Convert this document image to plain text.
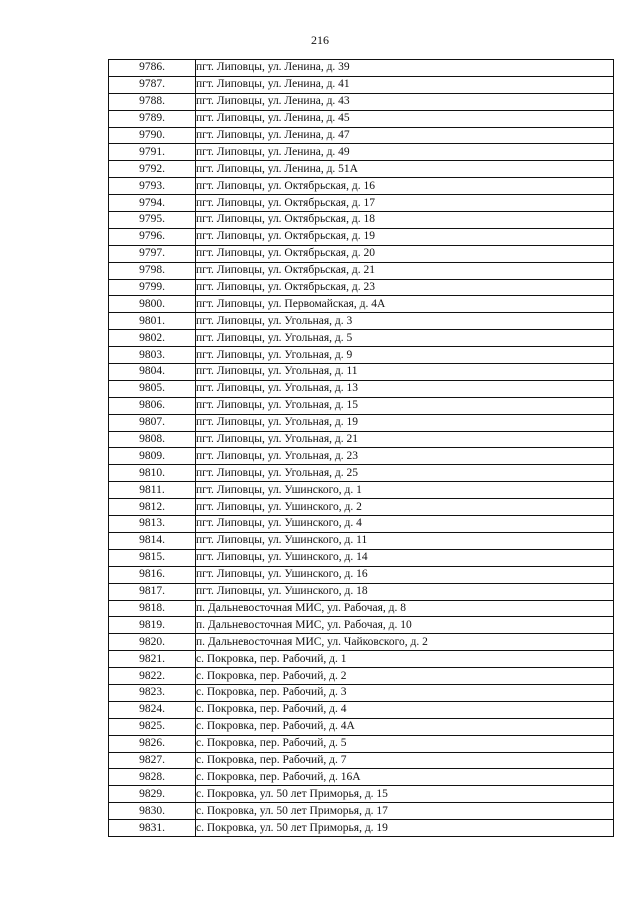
216
9786.	пгт. Липовцы, ул. Ленина, д. 39
9787.	пгт. Липовцы, ул. Ленина, д. 41
9788.	пгт. Липовцы, ул. Ленина, д. 43
9789.	пгт. Липовцы, ул. Ленина, д. 45
9790.	пгт. Липовцы, ул. Ленина, д. 47
9791.	пгт. Липовцы, ул. Ленина, д. 49
9792.	пгт. Липовцы, ул. Ленина, д. 51А
9793.	пгт. Липовцы, ул. Октябрьская, д. 16
9794.	пгт. Липовцы, ул. Октябрьская, д. 17
9795.	пгт. Липовцы, ул. Октябрьская, д. 18
9796.	пгт. Липовцы, ул. Октябрьская, д. 19
9797.	пгт. Липовцы, ул. Октябрьская, д. 20
9798.	пгт. Липовцы, ул. Октябрьская, д. 21
9799.	пгт. Липовцы, ул. Октябрьская, д. 23
9800.	пгт. Липовцы, ул. Первомайская, д. 4А
9801.	пгт. Липовцы, ул. Угольная, д. 3
9802.	пгт. Липовцы, ул. Угольная, д. 5
9803.	пгт. Липовцы, ул. Угольная, д. 9
9804.	пгт. Липовцы, ул. Угольная, д. 11
9805.	пгт. Липовцы, ул. Угольная, д. 13
9806.	пгт. Липовцы, ул. Угольная, д. 15
9807.	пгт. Липовцы, ул. Угольная, д. 19
9808.	пгт. Липовцы, ул. Угольная, д. 21
9809.	пгт. Липовцы, ул. Угольная, д. 23
9810.	пгт. Липовцы, ул. Угольная, д. 25
9811.	пгт. Липовцы, ул. Ушинского, д. 1
9812.	пгт. Липовцы, ул. Ушинского, д. 2
9813.	пгт. Липовцы, ул. Ушинского, д. 4
9814.	пгт. Липовцы, ул. Ушинского, д. 11
9815.	пгт. Липовцы, ул. Ушинского, д. 14
9816.	пгт. Липовцы, ул. Ушинского, д. 16
9817.	пгт. Липовцы, ул. Ушинского, д. 18
9818.	п. Дальневосточная МИС, ул. Рабочая, д. 8
9819.	п. Дальневосточная МИС, ул. Рабочая, д. 10
9820.	п. Дальневосточная МИС, ул. Чайковского, д. 2
9821.	с. Покровка, пер. Рабочий, д. 1
9822.	с. Покровка, пер. Рабочий, д. 2
9823.	с. Покровка, пер. Рабочий, д. 3
9824.	с. Покровка, пер. Рабочий, д. 4
9825.	с. Покровка, пер. Рабочий, д. 4А
9826.	с. Покровка, пер. Рабочий, д. 5
9827.	с. Покровка, пер. Рабочий, д. 7
9828.	с. Покровка, пер. Рабочий, д. 16А
9829.	с. Покровка, ул. 50 лет Приморья, д. 15
9830.	с. Покровка, ул. 50 лет Приморья, д. 17
9831.	с. Покровка, ул. 50 лет Приморья, д. 19
